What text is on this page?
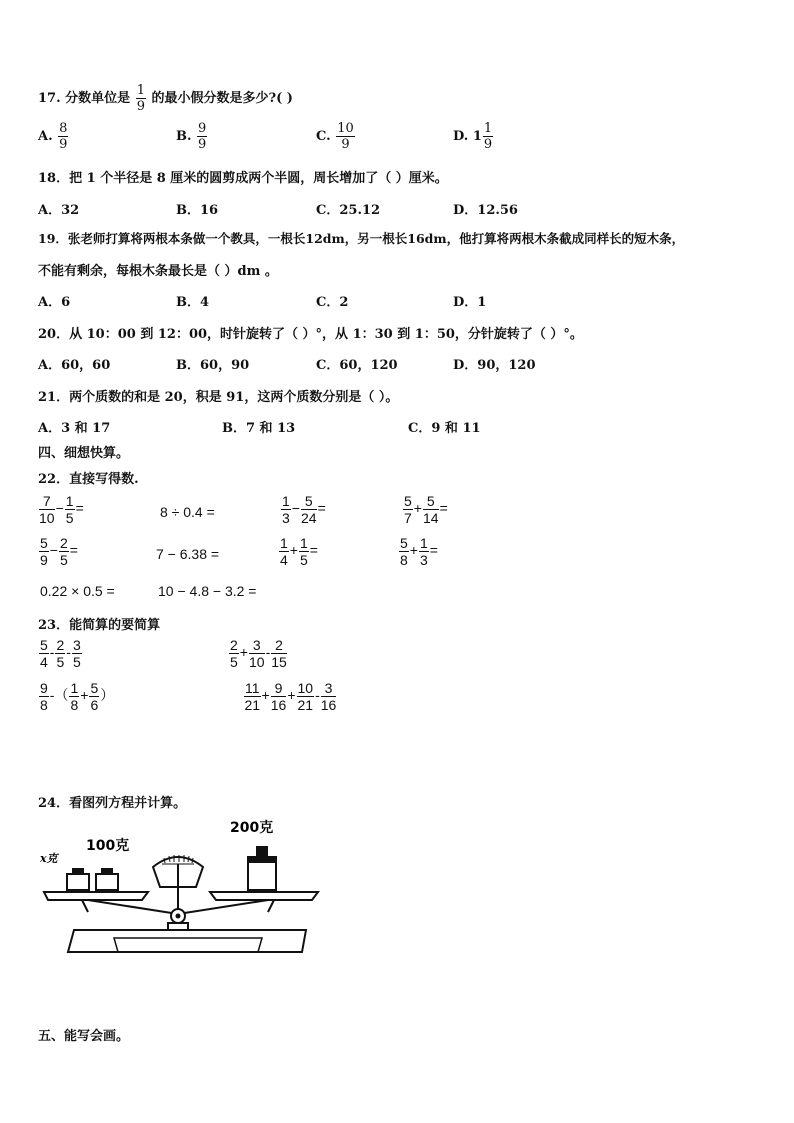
17. 分数单位是 $\frac{1}{9}$ 的最小假分数是多少?( )
A. $\frac{8}{9}$	B. $\frac{9}{9}$	C. $\frac{10}{9}$	D. $1 \frac{1}{9}$
18．把 1 个半径是 8 厘米的圆剪成两个半圆，周长增加了（ ）厘米。
A．32	B．16	C．25.12	D．12.56
19．张老师打算将两根本条做一个教具，一根长12dm，另一根长16dm，他打算将两根木条截成同样长的短木条，
不能有剩余，每根木条最长是（ ）dm 。
A．6	B．4	C．2	D．1
20．从 10：00 到 12：00，时针旋转了（ ）°，从 1：30 到 1：50，分针旋转了（ ）°。
A．60，60	B．60，90	C．60，120	D．90，120
21．两个质数的和是 20，积是 91，这两个质数分别是（ ）。
A．3 和 17	B．7 和 13	C．9 和 11
四、细想快算。
22．直接写得数.
$\frac{7}{10} - \frac{1}{5}$ =	8 ÷ 0.4 =	$\frac{1}{3} - \frac{5}{24}$ =	$\frac{5}{7} + \frac{5}{14}$ =
$\frac{5}{9} - \frac{2}{5}$ =	7 − 6.38 =	$\frac{1}{4} + \frac{1}{5}$ =	$\frac{5}{8} + \frac{1}{3}$ =
0.22 × 0.5 =	10 − 4.8 − 3.2 =
23．能简算的要简算
$\frac{5}{4} - \frac{2}{5} - \frac{3}{5}$	$\frac{2}{5} + \frac{3}{10} - \frac{2}{15}$
$\frac{9}{8}$ -（ $\frac{1}{8} + \frac{5}{6}$ ）	$\frac{11}{21} + \frac{9}{16} + \frac{10}{21} - \frac{3}{16}$
24．看图列方程并计算。
x克
100克
200克
五、能写会画。
